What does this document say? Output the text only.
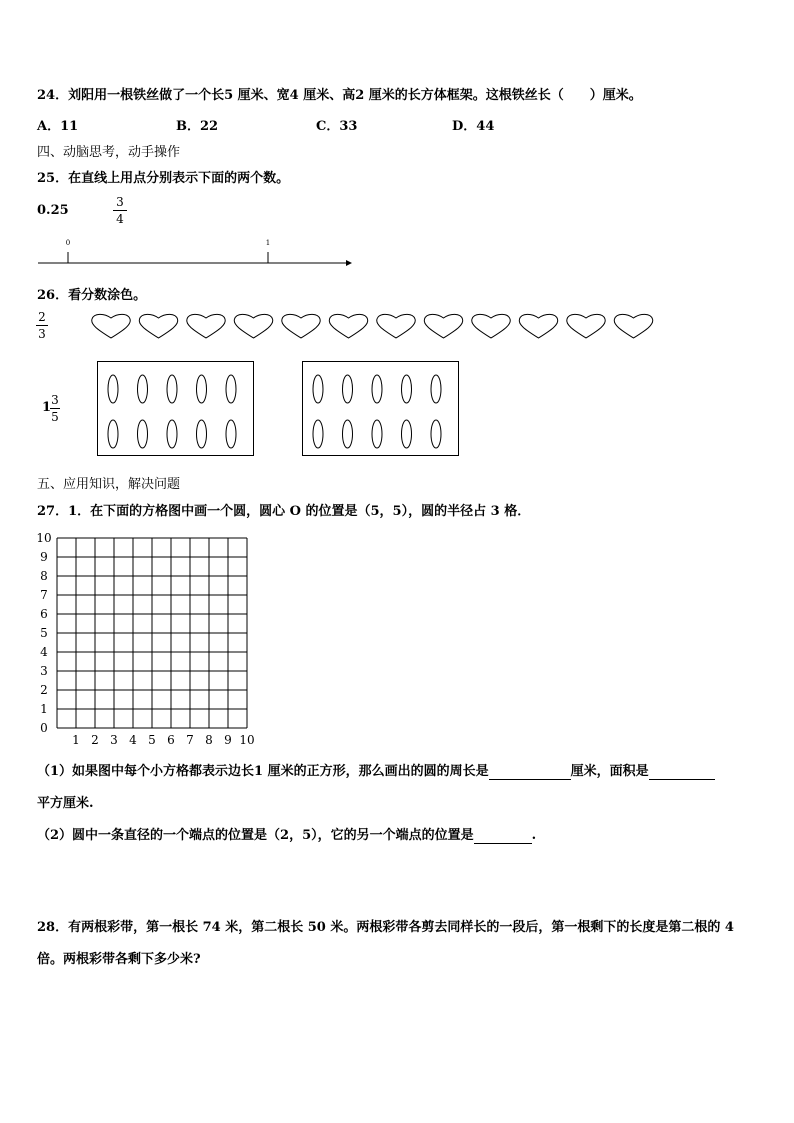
24．刘阳用一根铁丝做了一个长5 厘米、宽4 厘米、高2 厘米的长方体框架。这根铁丝长（　　）厘米。
A．11	B．22	C．33	D．44
四、动脑思考，动手操作
25．在直线上用点分别表示下面的两个数。
0.25
3
4
0	1
26．看分数涂色。
2
3
1 3
5
五、应用知识，解决问题
27．1．在下面的方格图中画一个圆，圆心 O 的位置是（5，5），圆的半径占 3 格．
10
9
8
7
6
5
4
3
2
1
0
1 2 3 4 5 6 7 8 9 10
（1）如果图中每个小方格都表示边长1 厘米的正方形，那么画出的圆的周长是	厘米，面积是
平方厘米.
（2）圆中一条直径的一个端点的位置是（2，5），它的另一个端点的位置是	.
28．有两根彩带，第一根长 74 米，第二根长 50 米。两根彩带各剪去同样长的一段后，第一根剩下的长度是第二根的 4
倍。两根彩带各剩下多少米?
